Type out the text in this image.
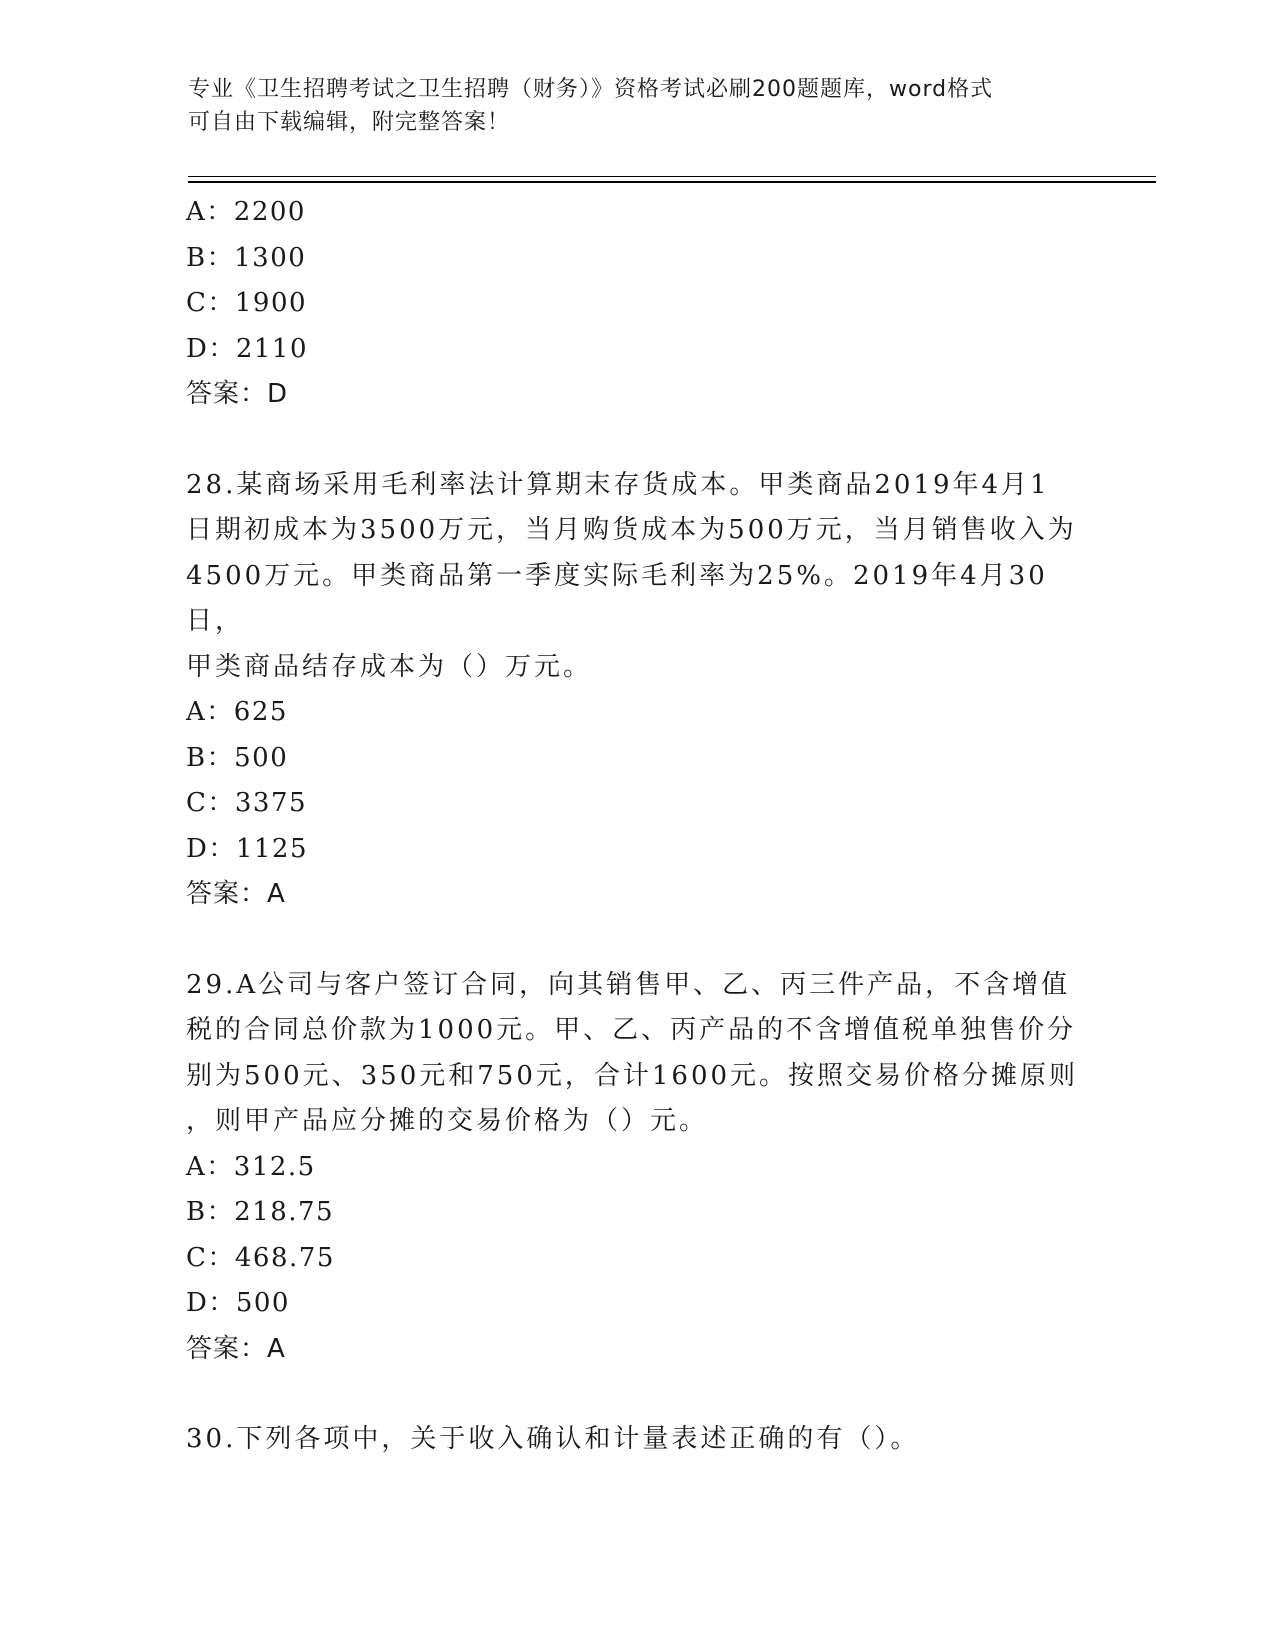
专业《卫生招聘考试之卫生招聘（财务）》资格考试必刷200题题库，word格式
可自由下载编辑，附完整答案！
A：2200
B：1300
C：1900
D：2110
答案：D
28.某商场采用毛利率法计算期末存货成本。甲类商品2019年4月1
日期初成本为3500万元，当月购货成本为500万元，当月销售收入为
4500万元。甲类商品第一季度实际毛利率为25%。2019年4月30日，
甲类商品结存成本为（）万元。
A：625
B：500
C：3375
D：1125
答案：A
29.A公司与客户签订合同，向其销售甲、乙、丙三件产品，不含增值
税的合同总价款为1000元。甲、乙、丙产品的不含增值税单独售价分
别为500元、350元和750元，合计1600元。按照交易价格分摊原则
，则甲产品应分摊的交易价格为（）元。
A：312.5
B：218.75
C：468.75
D：500
答案：A
30.下列各项中，关于收入确认和计量表述正确的有（）。
